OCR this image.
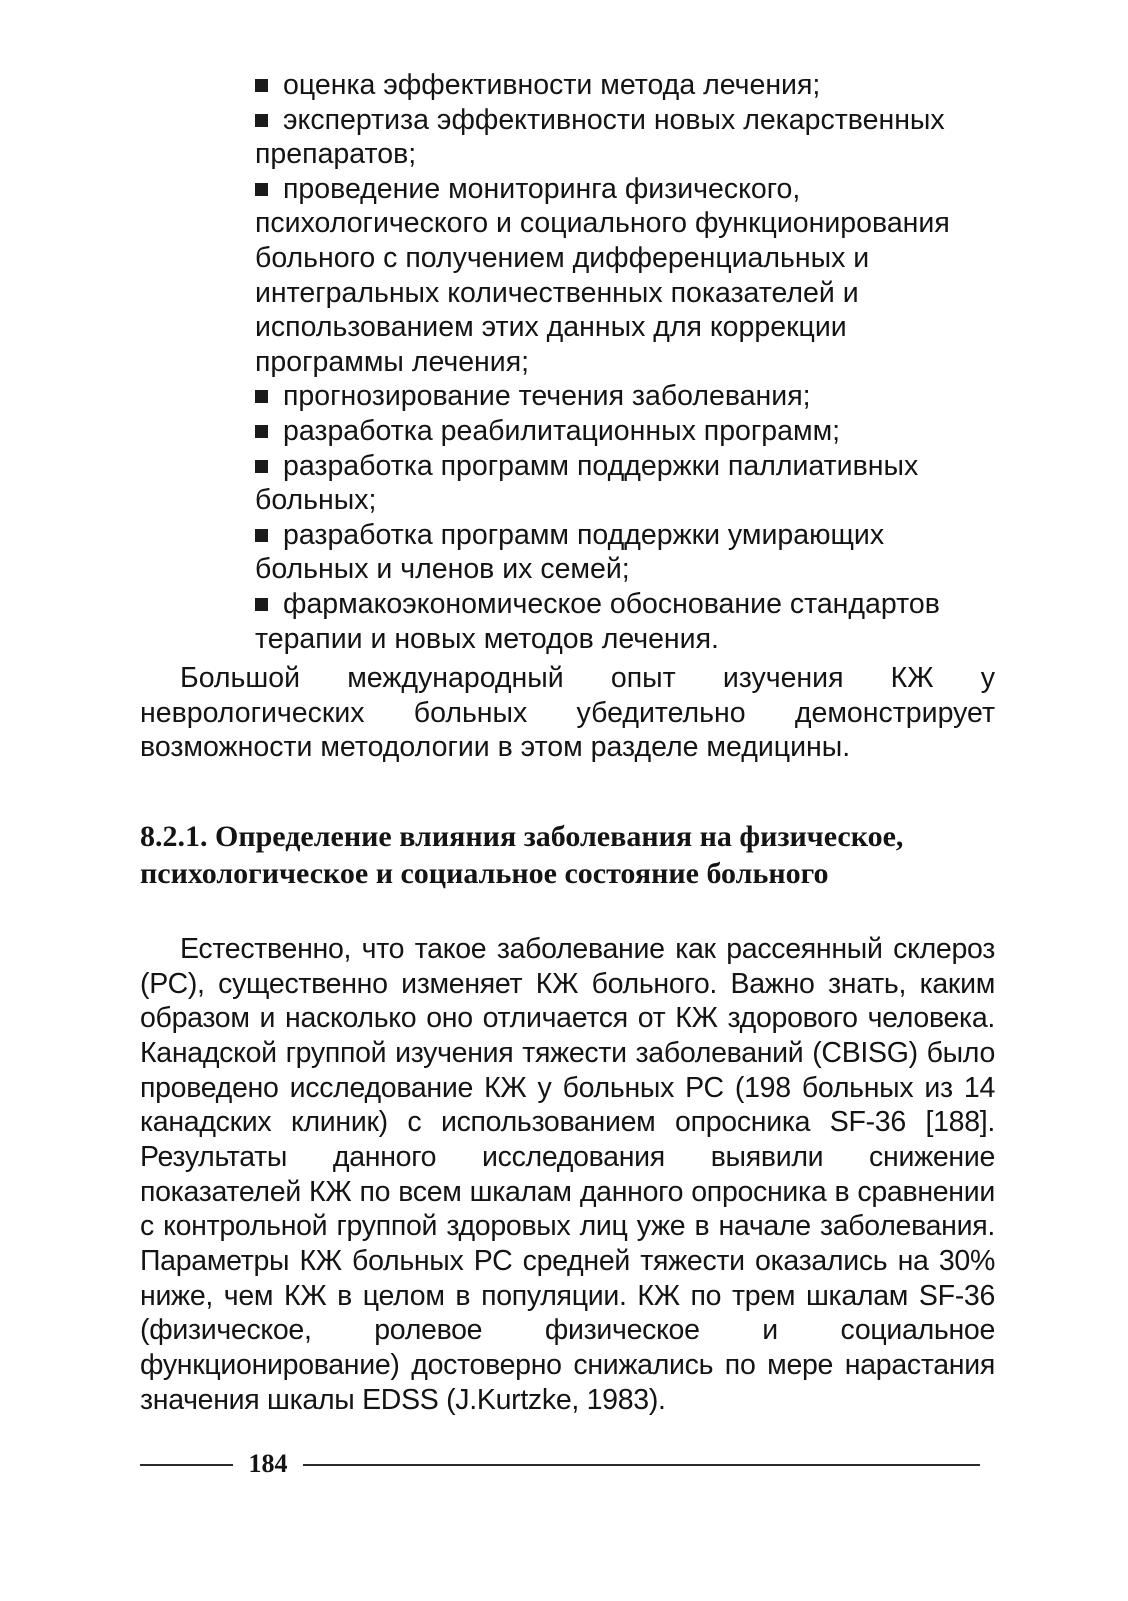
оценка эффективности метода лечения;
экспертиза эффективности новых лекарственных препаратов;
проведение мониторинга физического, психологического и социального функционирования больного с получением дифференциальных и интегральных количественных показателей и использованием этих данных для коррекции программы лечения;
прогнозирование течения заболевания;
разработка реабилитационных программ;
разработка программ поддержки паллиативных больных;
разработка программ поддержки умирающих больных и членов их семей;
фармакоэкономическое обоснование стандартов терапии и новых методов лечения.

Большой международный опыт изучения КЖ у неврологических больных убедительно демонстрирует возможности методологии в этом разделе медицины.

8.2.1. Определение влияния заболевания на физическое, психологическое и социальное состояние больного

Естественно, что такое заболевание как рассеянный склероз (РС), существенно изменяет КЖ больного. Важно знать, каким образом и насколько оно отличается от КЖ здорового человека. Канадской группой изучения тяжести заболеваний (CBISG) было проведено исследование КЖ у больных РС (198 больных из 14 канадских клиник) с использованием опросника SF-36 [188]. Результаты данного исследования выявили снижение показателей КЖ по всем шкалам данного опросника в сравнении с контрольной группой здоровых лиц уже в начале заболевания. Параметры КЖ больных РС средней тяжести оказались на 30% ниже, чем КЖ в целом в популяции. КЖ по трем шкалам SF-36 (физическое, ролевое физическое и социальное функционирование) достоверно снижались по мере нарастания значения шкалы EDSS (J.Kurtzke, 1983).

184
